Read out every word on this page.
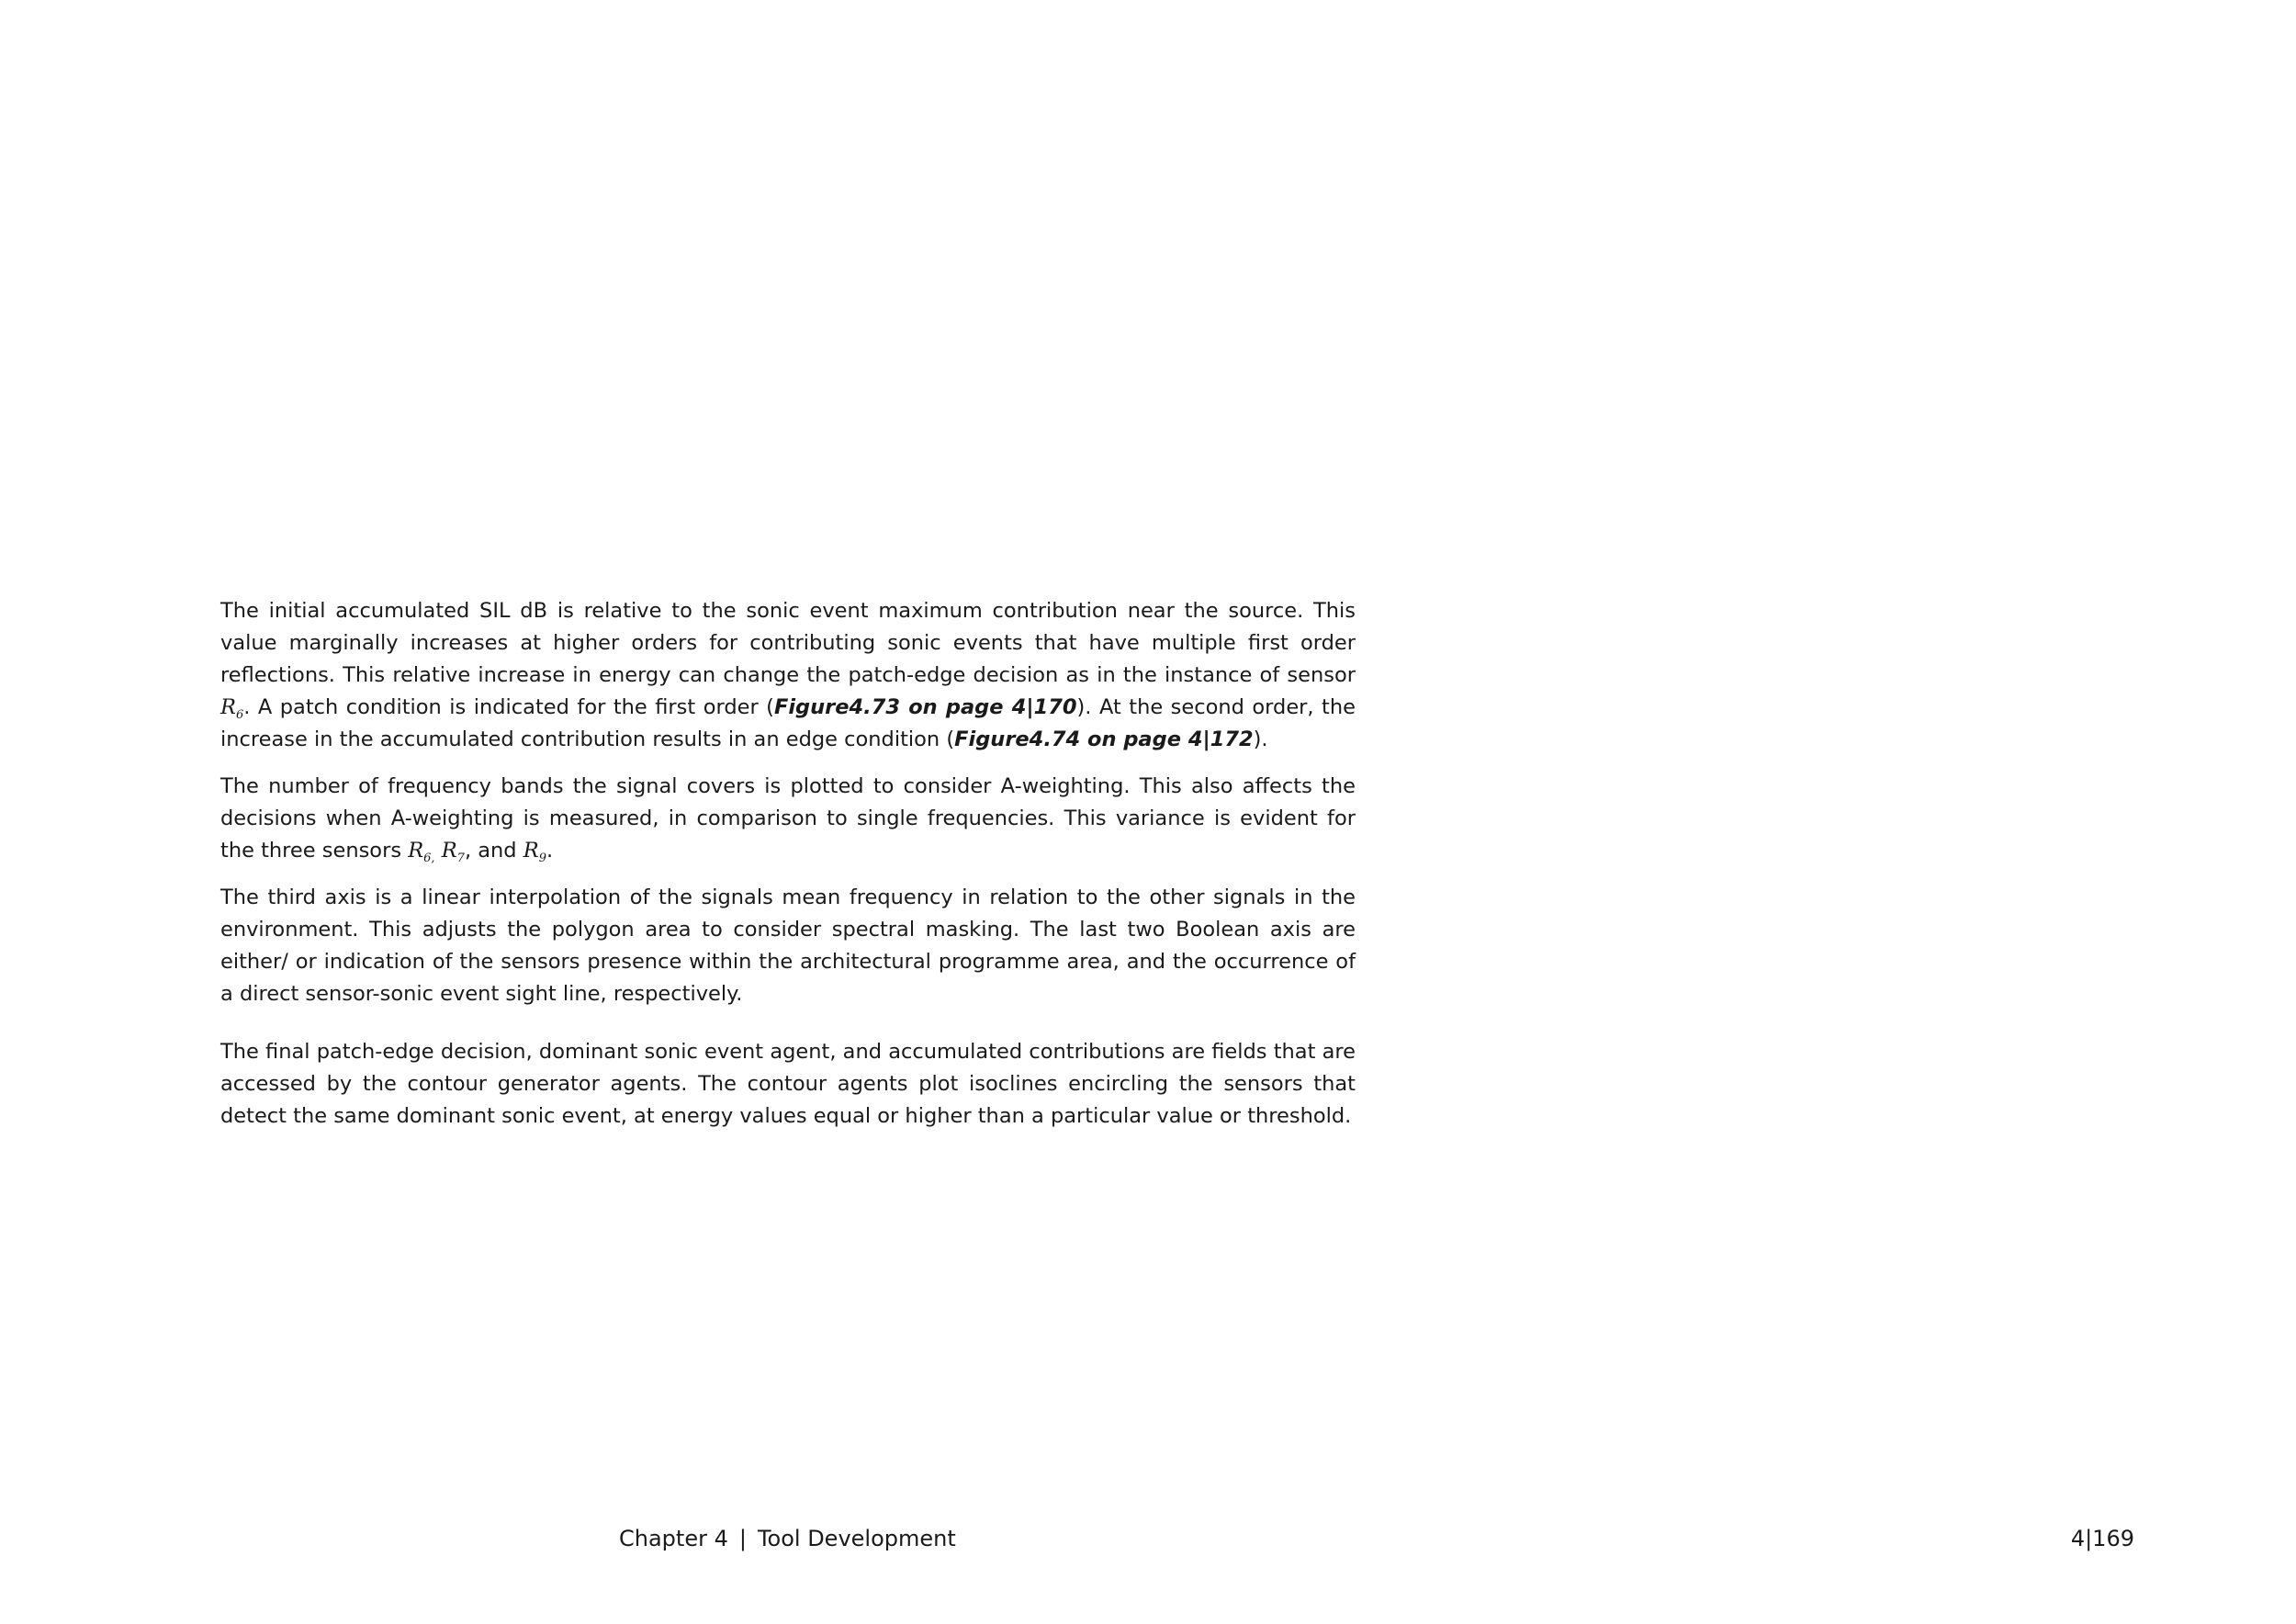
The initial accumulated SIL dB is relative to the sonic event maximum contribution near the source. This value marginally increases at higher orders for contributing sonic events that have multiple first order reflections. This relative increase in energy can change the patch-edge decision as in the instance of sensor $R_6$. A patch condition is indicated for the first order (Figure4.73 on page 4|170). At the second order, the increase in the accumulated contribution results in an edge condition (Figure4.74 on page 4|172).

The number of frequency bands the signal covers is plotted to consider A-weighting. This also affects the decisions when A-weighting is measured, in comparison to single frequencies. This variance is evident for the three sensors $R_{6,}$ $R_7$, and $R_9$.

The third axis is a linear interpolation of the signals mean frequency in relation to the other signals in the environment. This adjusts the polygon area to consider spectral masking. The last two Boolean axis are either/ or indication of the sensors presence within the architectural programme area, and the occurrence of a direct sensor-sonic event sight line, respectively.

The final patch-edge decision, dominant sonic event agent, and accumulated contributions are fields that are accessed by the contour generator agents. The contour agents plot isoclines encircling the sensors that detect the same dominant sonic event, at energy values equal or higher than a particular value or threshold.

Chapter 4 | Tool Development	4|169
